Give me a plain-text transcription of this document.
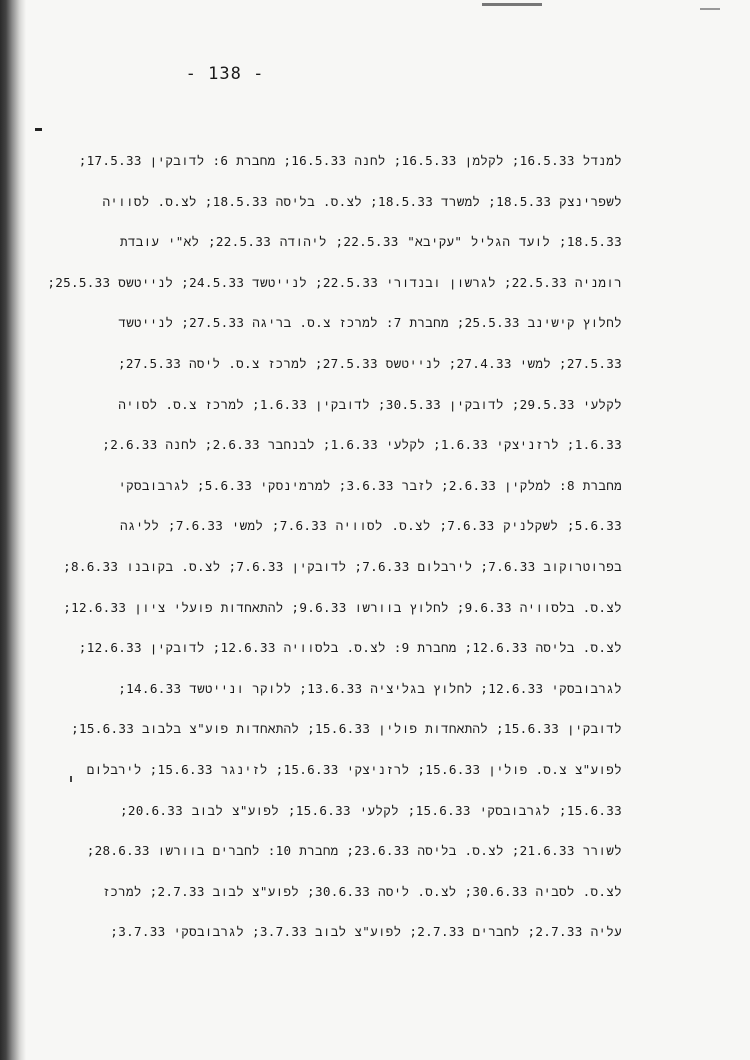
- 138 -
למנדל 16.5.33; לקלמן 16.5.33; לחנה 16.5.33; מחברת 6: לדובקין 17.5.33;
לשפרינצק 18.5.33; למשרד 18.5.33; לצ.ס. בליסה 18.5.33; לצ.ס. לסוויה
18.5.33; לועד הגליל "עקיבא" 22.5.33; ליהודה 22.5.33; לא"י עובדת
רומניה 22.5.33; לגרשון ובנדורי 22.5.33; לנייטשד 24.5.33; לנייטשס 25.5.33;
לחלוץ קישינב 25.5.33; מחברת 7: למרכז צ.ס. בריגה 27.5.33; לנייטשד
27.5.33; למשי 27.4.33; לנייטשס 27.5.33; למרכז צ.ס. ליסה 27.5.33;
לקלעי 29.5.33; לדובקין 30.5.33; לדובקין 1.6.33; למרכז צ.ס. לסויה
1.6.33; לרזניצקי 1.6.33; לקלעי 1.6.33; לבנחבר 2.6.33; לחנה 2.6.33;
מחברת 8: למלקין 2.6.33; לזבר 3.6.33; למרמינסקי 5.6.33; לגרבובסקי
5.6.33; לשקלניק 7.6.33; לצ.ס. לסוויה 7.6.33; למשי 7.6.33; לליגה
בפרוטרוקוב 7.6.33; לירבלום 7.6.33; לדובקין 7.6.33; לצ.ס. בקובנו 8.6.33;
לצ.ס. בלסוויה 9.6.33; לחלוץ בוורשו 9.6.33; להתאחדות פועלי ציון 12.6.33;
לצ.ס. בליסה 12.6.33; מחברת 9: לצ.ס. בלסוויה 12.6.33; לדובקין 12.6.33;
לגרבובסקי 12.6.33; לחלוץ בגליציה 13.6.33; ללוקר ונייטשד 14.6.33;
לדובקין 15.6.33; להתאחדות פולין 15.6.33; להתאחדות פוע"צ בלבוב 15.6.33;
לפוע"צ צ.ס. פולין 15.6.33; לרזניצקי 15.6.33; לזינגר 15.6.33; לירבלום
15.6.33; לגרבובסקי 15.6.33; לקלעי 15.6.33; לפוע"צ לבוב 20.6.33;
לשורר 21.6.33; לצ.ס. בליסה 23.6.33; מחברת 10: לחברים בוורשו 28.6.33;
לצ.ס. לסביה 30.6.33; לצ.ס. ליסה 30.6.33; לפוע"צ לבוב 2.7.33; למרכז
עליה 2.7.33; לחברים 2.7.33; לפוע"צ לבוב 3.7.33; לגרבובסקי 3.7.33;
